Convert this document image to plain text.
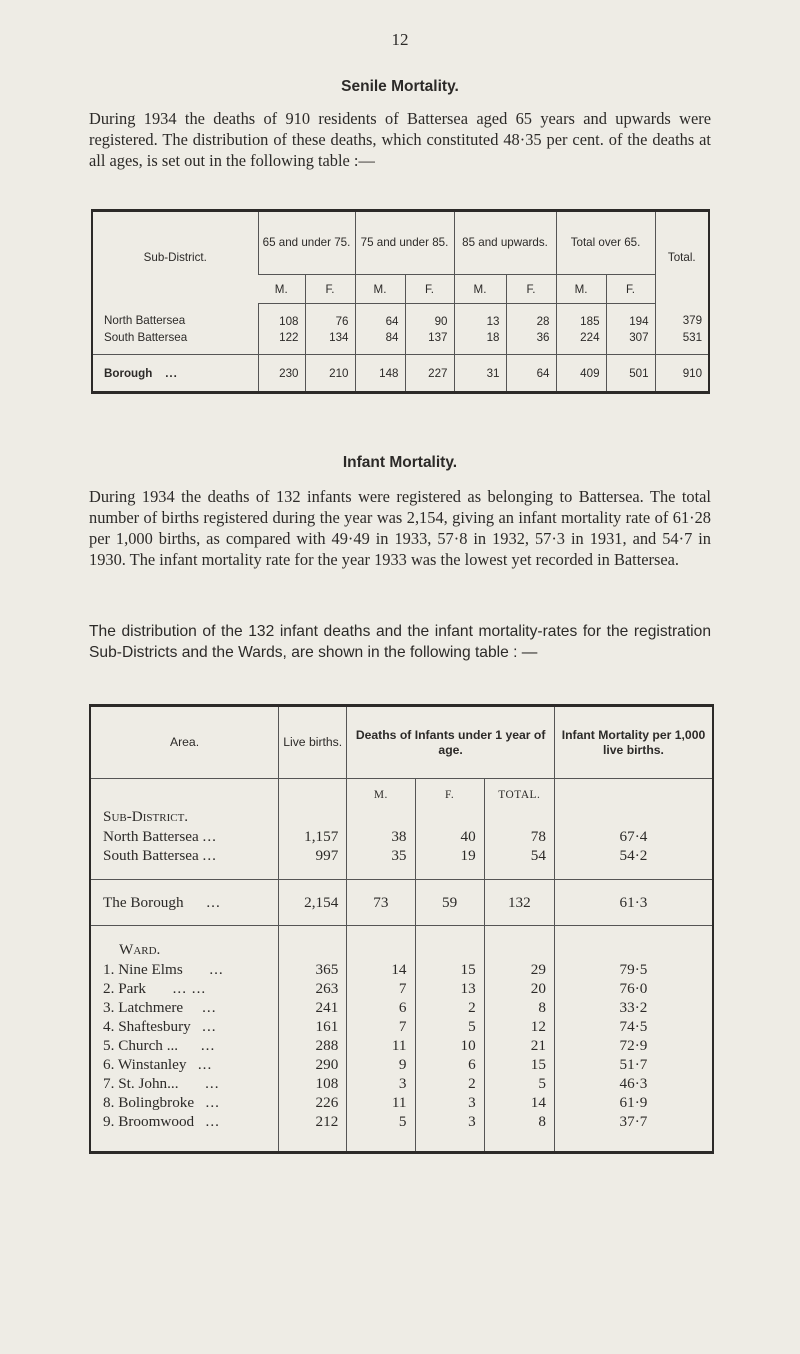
12
Senile Mortality.

During 1934 the deaths of 910 residents of Battersea aged 65 years and upwards were registered. The distribution of these deaths, which constituted 48·35 per cent. of the deaths at all ages, is set out in the following table :—

Sub-District.	65 and under 75.		75 and under 85.		85 and upwards.		Total over 65.		Total.
	M.	F.	M.	F.	M.	F.	M.	F.	
North Battersea	108	76	64	90	13	28	185	194	379
South Battersea	122	134	84	137	18	36	224	307	531
Borough ...	230	210	148	227	31	64	409	501	910
Infant Mortality.

During 1934 the deaths of 132 infants were registered as belonging to Battersea. The total number of births registered during the year was 2,154, giving an infant mortality rate of 61·28 per 1,000 births, as compared with 49·49 in 1933, 57·8 in 1932, 57·3 in 1931, and 54·7 in 1930. The infant mortality rate for the year 1933 was the lowest yet recorded in Battersea.

The distribution of the 132 infant deaths and the infant mortality-rates for the registration Sub-Districts and the Wards, are shown in the following table : —

Area.	Live births.	Deaths of Infants under 1 year of age.			Infant Mortality per 1,000 live births.
		M.	F.	TOTAL.	
Sub-District.					
North Battersea ...	1,157	38	40	78	67·4
South Battersea ...	997	35	19	54	54·2

The Borough ...	2,154	73	59	132	61·3
Ward.					
1. Nine Elms ...	365	14	15	29	79·5
2. Park ... ...	263	7	13	20	76·0
3. Latchmere ...	241	6	2	8	33·2
4. Shaftesbury ...	161	7	5	12	74·5
5. Church ... ...	288	11	10	21	72·9
6. Winstanley ...	290	9	6	15	51·7
7. St. John... ...	108	3	2	5	46·3
8. Bolingbroke ...	226	11	3	14	61·9
9. Broomwood ...	212	5	3	8	37·7
